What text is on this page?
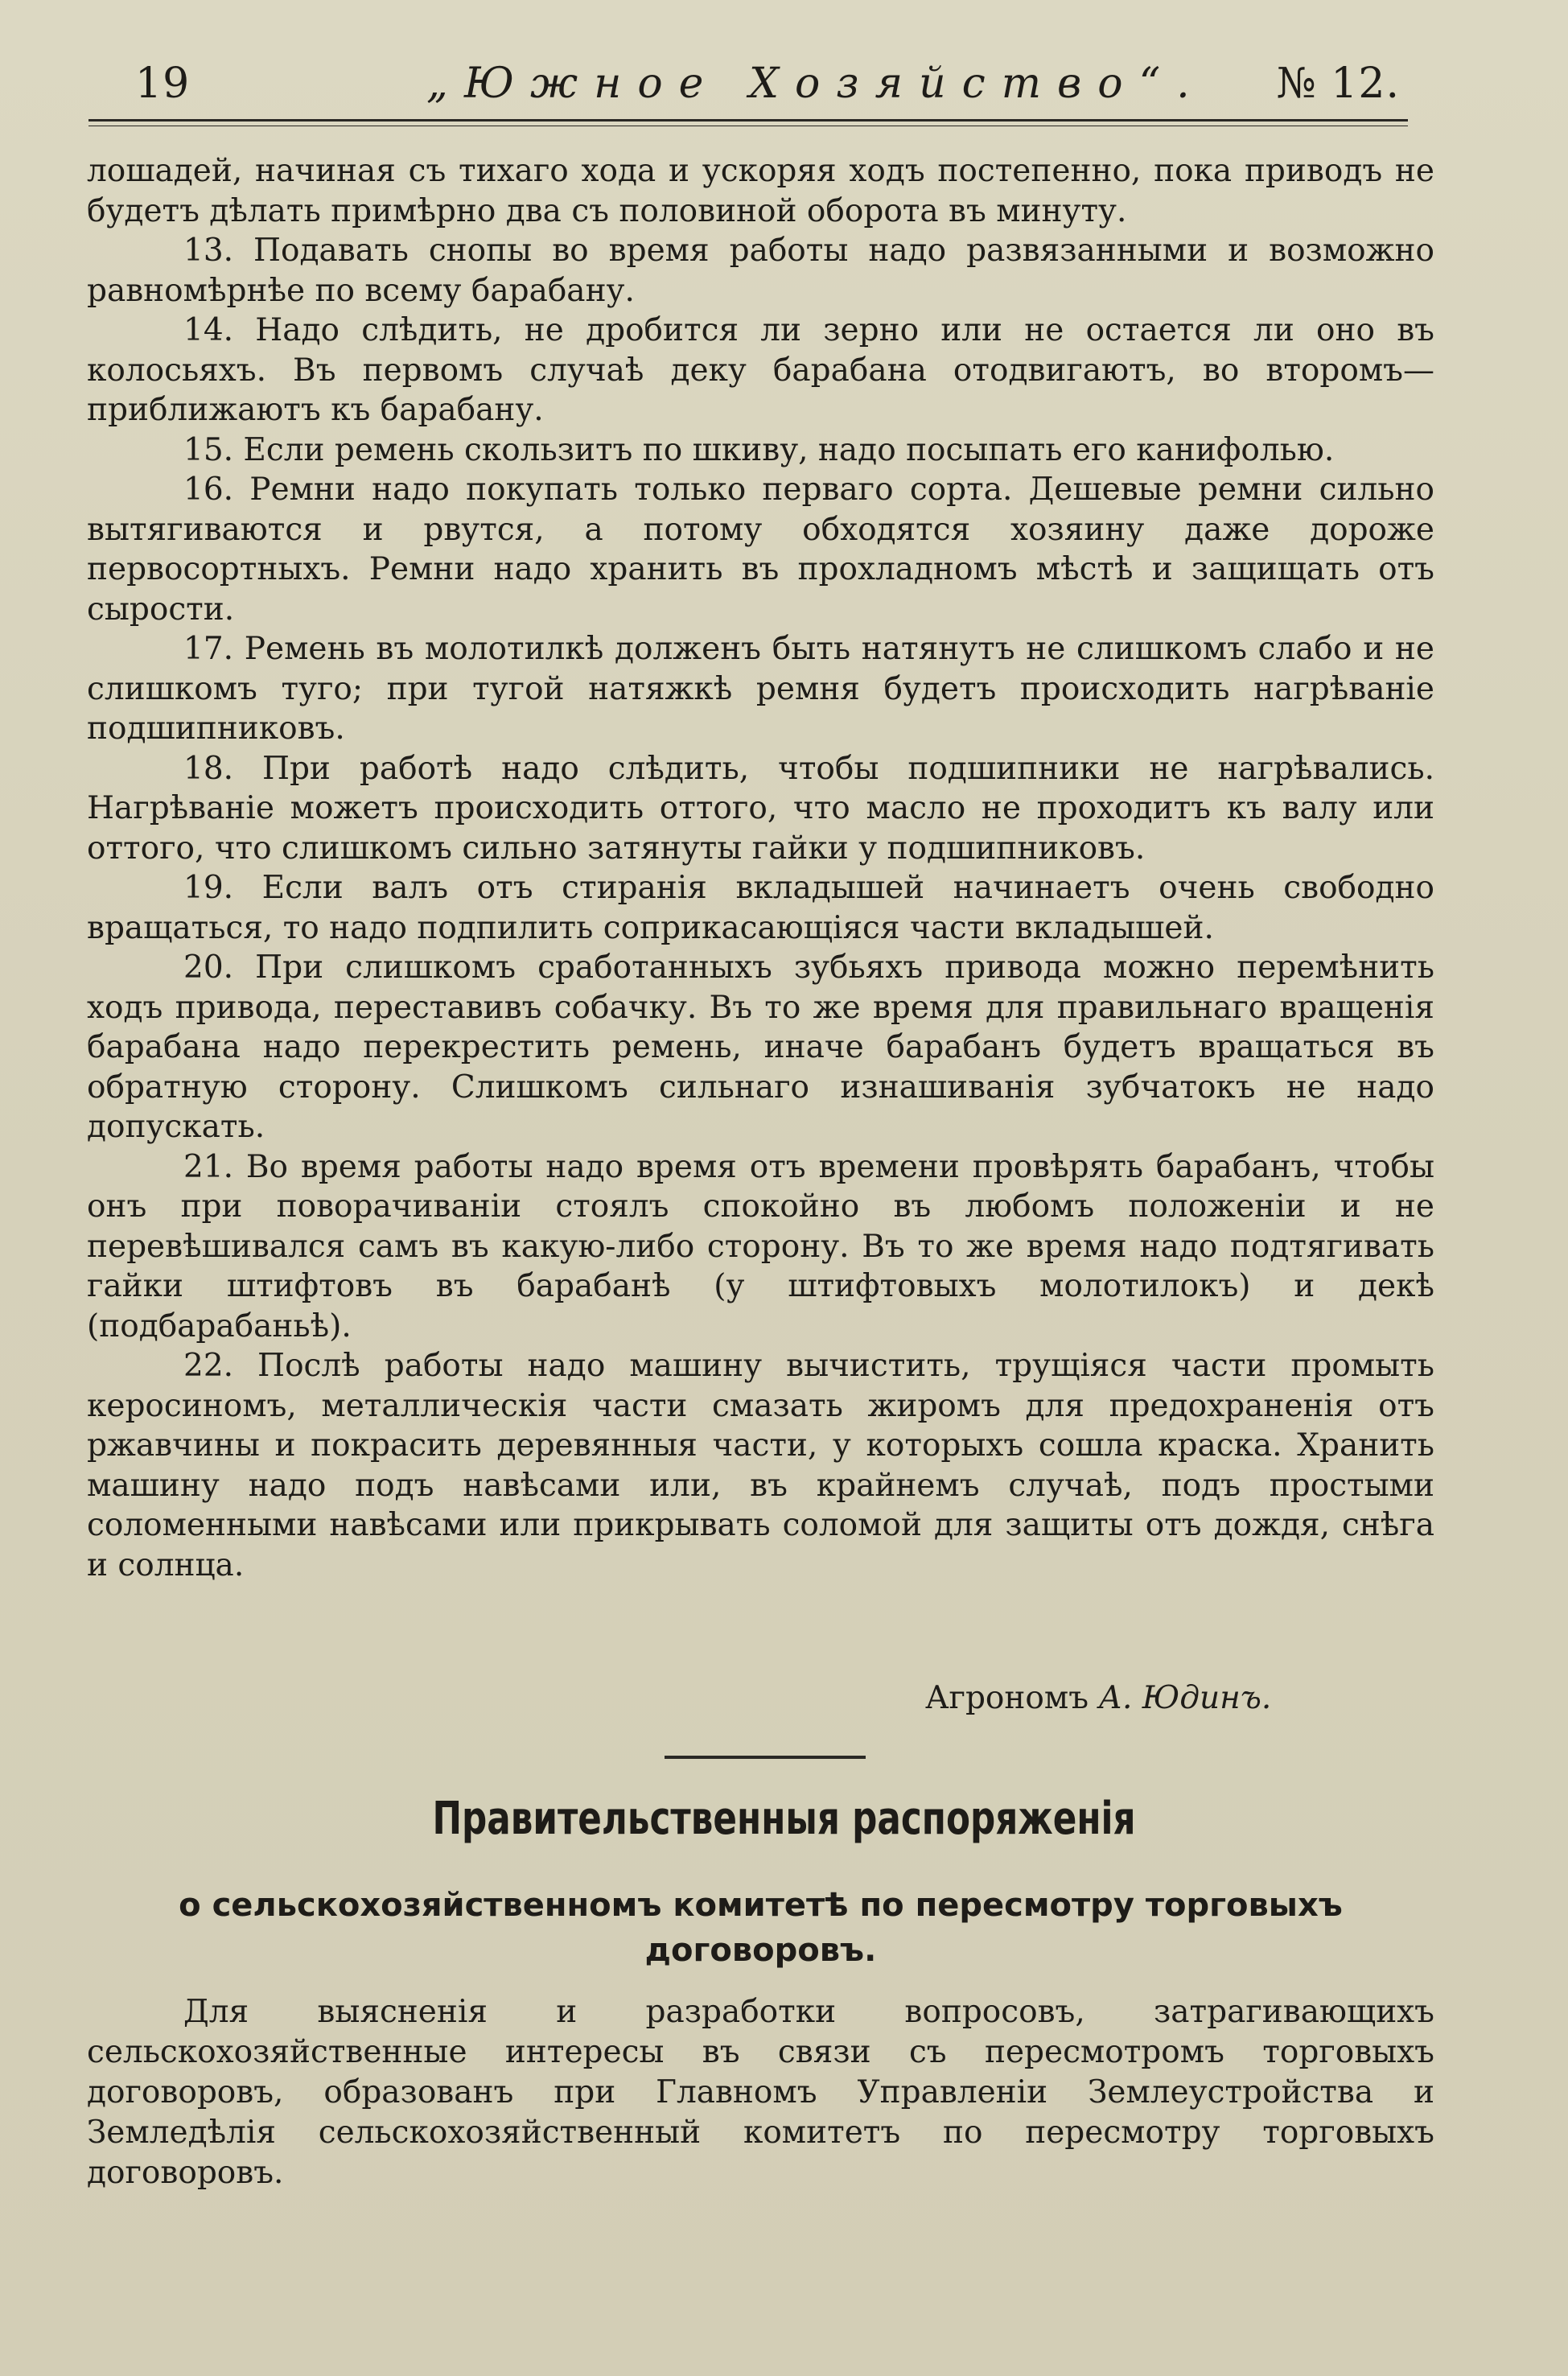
19	„Южное Хозяйство“. № 12.

лошадей, начиная съ тихаго хода и ускоряя ходъ постепенно, пока приводъ не будетъ дѣлать примѣрно два съ половиной оборота въ минуту.

13. Подавать снопы во время работы надо развязанными и возможно равномѣрнѣе по всему барабану.

14. Надо слѣдить, не дробится ли зерно или не остается ли оно въ колосьяхъ. Въ первомъ случаѣ деку барабана отодвигаютъ, во второмъ—приближаютъ къ барабану.

15. Если ремень скользитъ по шкиву, надо посыпать его канифолью.

16. Ремни надо покупать только перваго сорта. Дешевые ремни сильно вытягиваются и рвутся, а потому обходятся хозяину даже дороже первосортныхъ. Ремни надо хранить въ прохладномъ мѣстѣ и защищать отъ сырости.

17. Ремень въ молотилкѣ долженъ быть натянутъ не слишкомъ слабо и не слишкомъ туго; при тугой натяжкѣ ремня будетъ происходить нагрѣваніе подшипниковъ.

18. При работѣ надо слѣдить, чтобы подшипники не нагрѣвались. Нагрѣваніе можетъ происходить оттого, что масло не проходитъ къ валу или оттого, что слишкомъ сильно затянуты гайки у подшипниковъ.

19. Если валъ отъ стиранія вкладышей начинаетъ очень свободно вращаться, то надо подпилить соприкасающіяся части вкладышей.

20. При слишкомъ сработанныхъ зубьяхъ привода можно перемѣнить ходъ привода, переставивъ собачку. Въ то же время для правильнаго вращенія барабана надо перекрестить ремень, иначе барабанъ будетъ вращаться въ обратную сторону. Слишкомъ сильнаго изнашиванія зубчатокъ не надо допускать.

21. Во время работы надо время отъ времени провѣрять барабанъ, чтобы онъ при поворачиваніи стоялъ спокойно въ любомъ положеніи и не перевѣшивался самъ въ какую-либо сторону. Въ то же время надо подтягивать гайки штифтовъ въ барабанѣ (у штифтовыхъ молотилокъ) и декѣ (подбарабаньѣ).

22. Послѣ работы надо машину вычистить, трущіяся части промыть керосиномъ, металлическія части смазать жиромъ для предохраненія отъ ржавчины и покрасить деревянныя части, у которыхъ сошла краска. Хранить машину надо подъ навѣсами или, въ крайнемъ случаѣ, подъ простыми соломенными навѣсами или прикрывать соломой для защиты отъ дождя, снѣга и солнца.

Агрономъ А. Юдинъ.
Правительственныя распоряженія
о сельскохозяйственномъ комитетѣ по пересмотру торговыхъ договоровъ.

Для выясненія и разработки вопросовъ, затрагивающихъ сельскохозяйственные интересы въ связи съ пересмотромъ торговыхъ договоровъ, образованъ при Главномъ Управленіи Землеустройства и Земледѣлія сельскохозяйственный комитетъ по пересмотру торговыхъ договоровъ.
